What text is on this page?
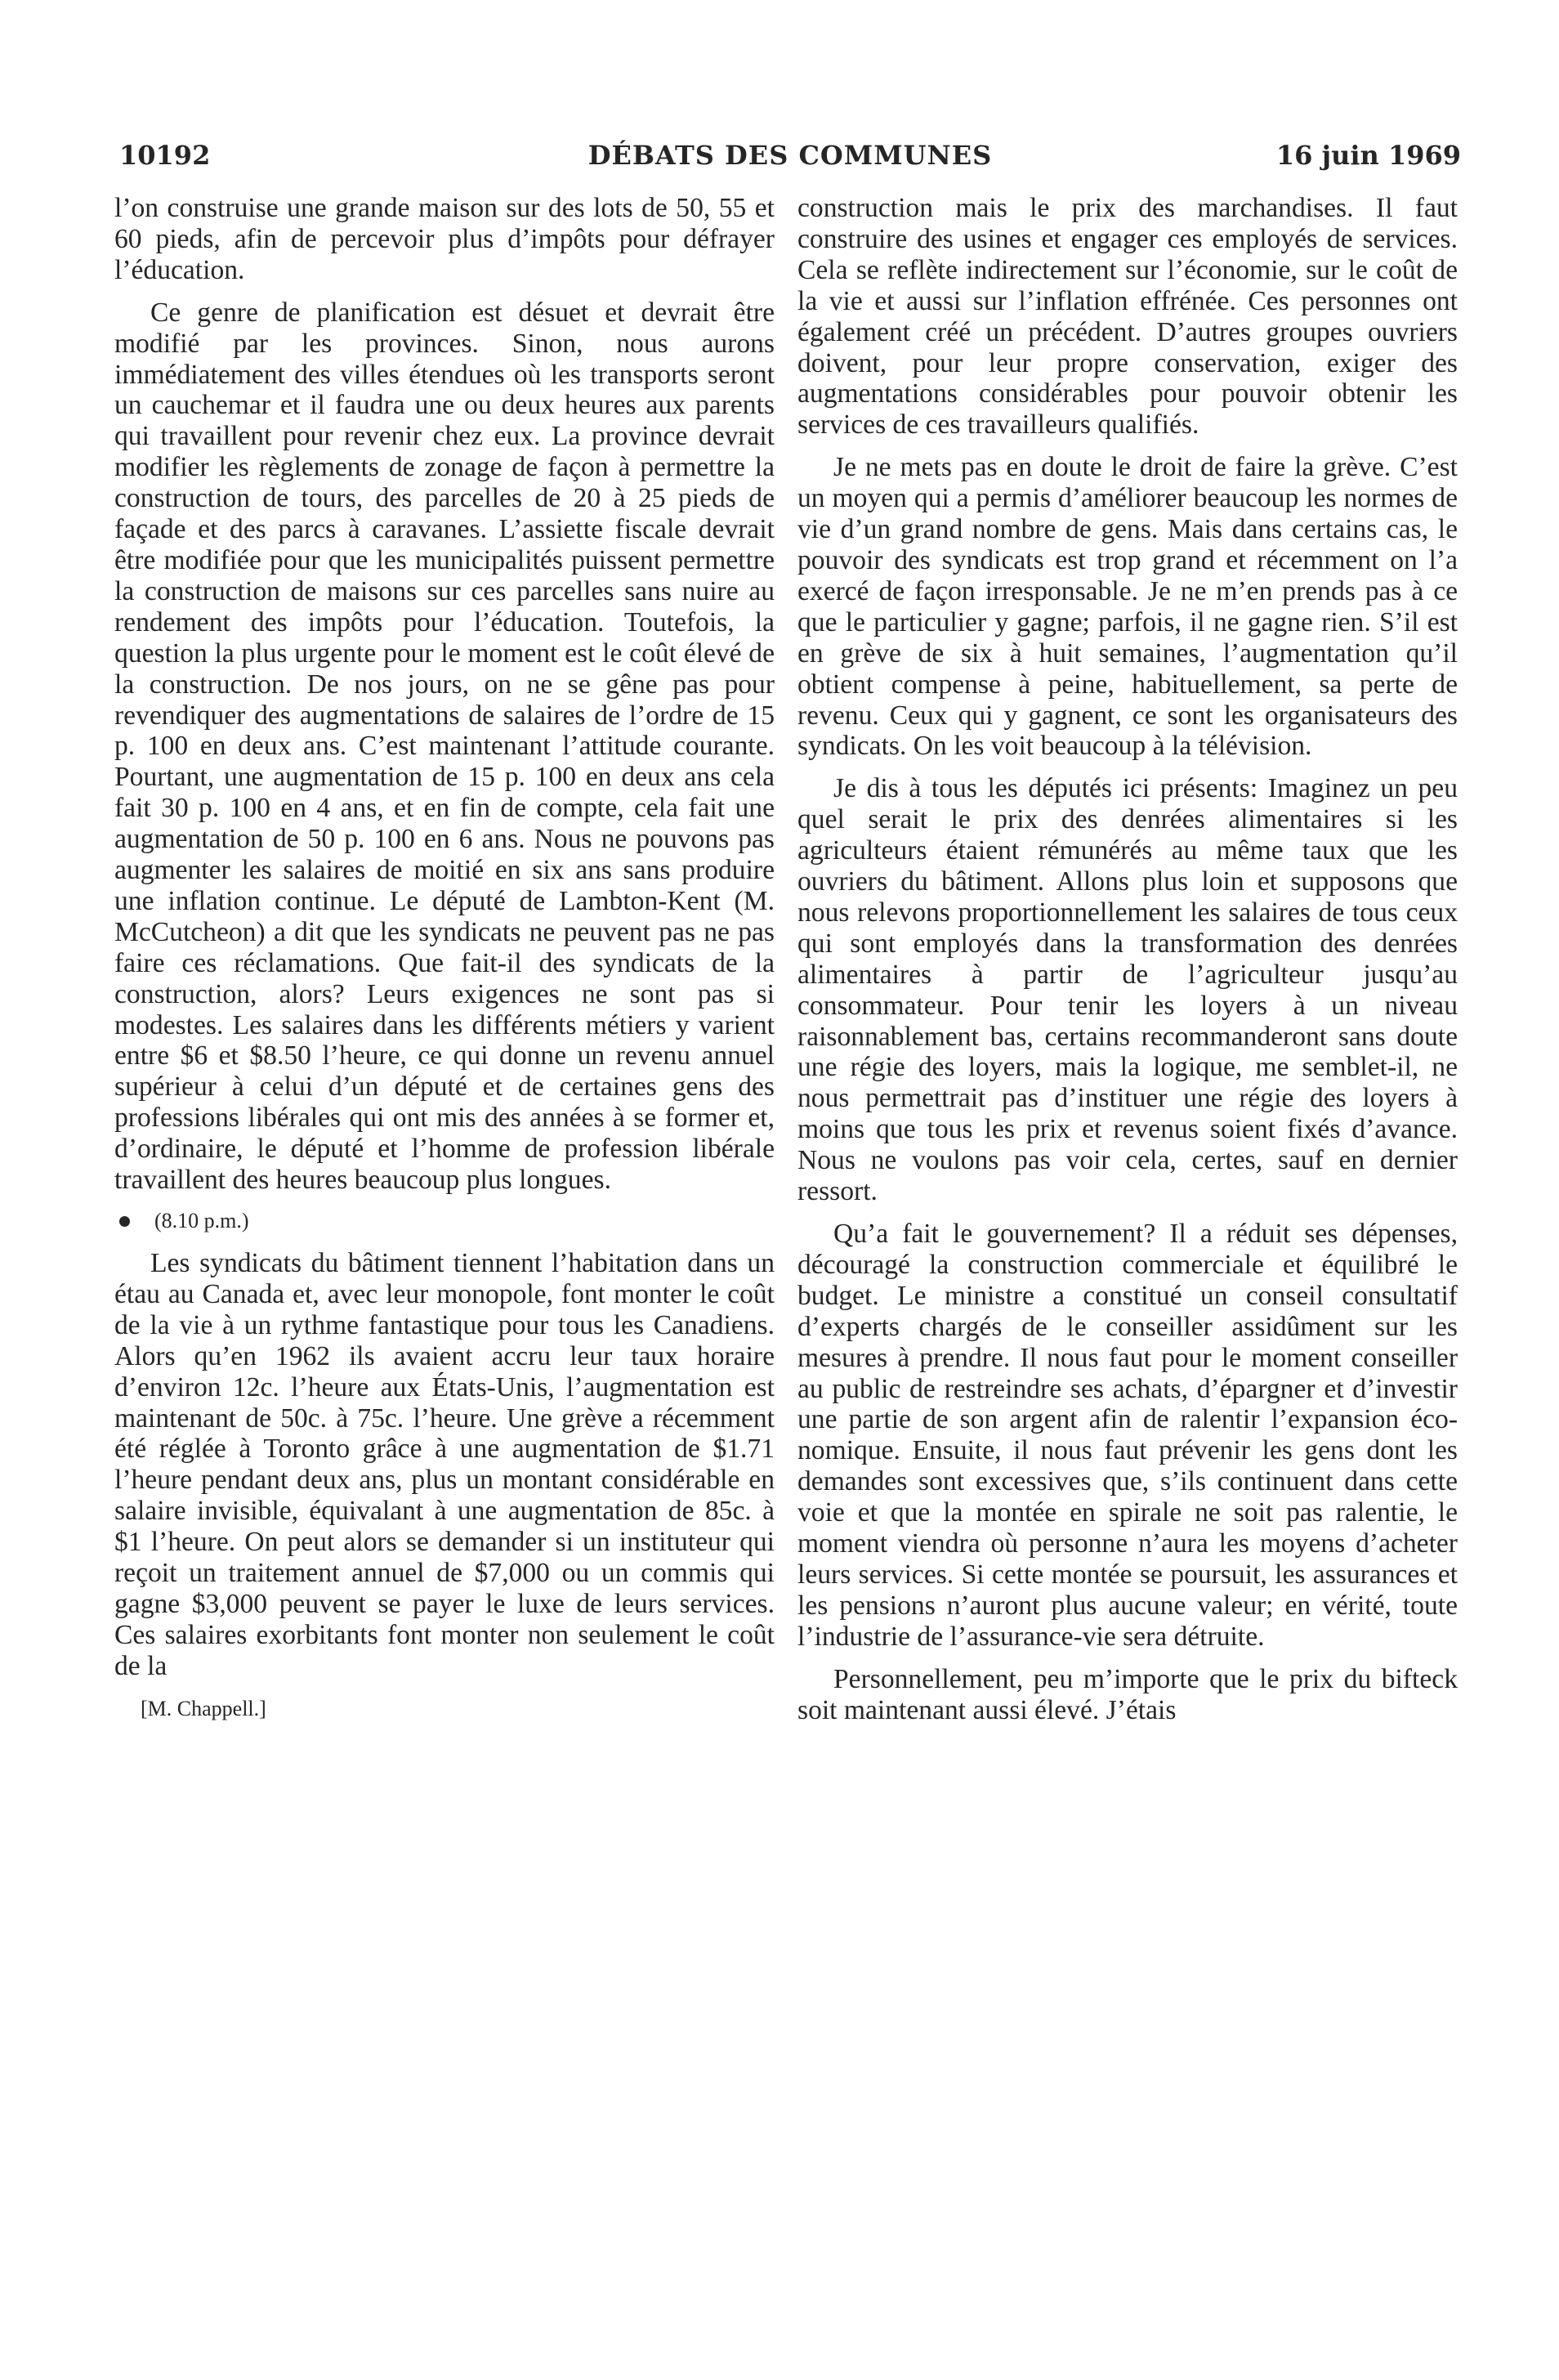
DÉBATS DES COMMUNES
10192	16 juin 1969

l’on construise une grande maison sur des lots de 50, 55 et 60 pieds, afin de percevoir plus d’impôts pour défrayer l’éducation.

Ce genre de planification est désuet et devrait être modifié par les provinces. Sinon, nous aurons immédiatement des villes étendues où les transports seront un cauchemar et il faudra une ou deux heures aux parents qui travaillent pour revenir chez eux. La province devrait modifier les règlements de zonage de façon à permettre la construction de tours, des parcelles de 20 à 25 pieds de façade et des parcs à caravanes. L’assiette fiscale devrait être modifiée pour que les municipalités puissent permettre la construction de maisons sur ces parcelles sans nuire au rendement des impôts pour l’éducation. Toutefois, la question la plus urgente pour le moment est le coût élevé de la construction. De nos jours, on ne se gêne pas pour revendiquer des augmentations de salaires de l’ordre de 15 p. 100 en deux ans. C’est maintenant l’attitude courante. Pourtant, une augmentation de 15 p. 100 en deux ans cela fait 30 p. 100 en 4 ans, et en fin de compte, cela fait une augmentation de 50 p. 100 en 6 ans. Nous ne pouvons pas augmenter les salaires de moitié en six ans sans produire une inflation continue. Le député de Lambton-Kent (M. McCutcheon) a dit que les syndicats ne peuvent pas ne pas faire ces réclamations. Que fait-il des syndicats de la construction, alors? Leurs exigences ne sont pas si modestes. Les salaires dans les différents métiers y varient entre $6 et $8.50 l’heure, ce qui donne un revenu annuel supérieur à celui d’un député et de certaines gens des professions libérales qui ont mis des années à se former et, d’ordinaire, le député et l’homme de profession libérale travaillent des heures beaucoup plus longues.

(8.10 p.m.)

Les syndicats du bâtiment tiennent l’habitation dans un étau au Canada et, avec leur monopole, font monter le coût de la vie à un rythme fantastique pour tous les Canadiens. Alors qu’en 1962 ils avaient accru leur taux horaire d’environ 12c. l’heure aux États-Unis, l’augmentation est maintenant de 50c. à 75c. l’heure. Une grève a récemment été réglée à Toronto grâce à une augmentation de $1.71 l’heure pendant deux ans, plus un montant considérable en salaire invisible, équivalant à une augmentation de 85c. à $1 l’heure. On peut alors se demander si un instituteur qui reçoit un traitement annuel de $7,000 ou un commis qui gagne $3,000 peuvent se payer le luxe de leurs services. Ces salaires exorbitants font monter non seulement le coût de la

[M. Chappell.]

construction mais le prix des marchandises. Il faut construire des usines et engager ces employés de services. Cela se reflète indirectement sur l’économie, sur le coût de la vie et aussi sur l’inflation effrénée. Ces personnes ont également créé un précédent. D’autres groupes ouvriers doivent, pour leur propre conservation, exiger des augmentations considérables pour pouvoir obtenir les services de ces travailleurs qualifiés.

Je ne mets pas en doute le droit de faire la grève. C’est un moyen qui a permis d’améliorer beaucoup les normes de vie d’un grand nombre de gens. Mais dans certains cas, le pouvoir des syndicats est trop grand et récemment on l’a exercé de façon irresponsable. Je ne m’en prends pas à ce que le particulier y gagne; parfois, il ne gagne rien. S’il est en grève de six à huit semaines, l’augmentation qu’il obtient compense à peine, habituellement, sa perte de revenu. Ceux qui y gagnent, ce sont les organisateurs des syndicats. On les voit beaucoup à la télévision.

Je dis à tous les députés ici présents: Imaginez un peu quel serait le prix des denrées alimentaires si les agriculteurs étaient rémunérés au même taux que les ouvriers du bâtiment. Allons plus loin et supposons que nous relevons proportionnellement les salaires de tous ceux qui sont employés dans la transformation des denrées alimentaires à partir de l’agriculteur jusqu’au consommateur. Pour tenir les loyers à un niveau raisonnablement bas, certains recommanderont sans doute une régie des loyers, mais la logique, me semblet-il, ne nous permettrait pas d’instituer une régie des loyers à moins que tous les prix et revenus soient fixés d’avance. Nous ne voulons pas voir cela, certes, sauf en dernier ressort.

Qu’a fait le gouvernement? Il a réduit ses dépenses, découragé la construction commerciale et équilibré le budget. Le ministre a constitué un conseil consultatif d’experts chargés de le conseiller assidûment sur les mesures à prendre. Il nous faut pour le moment conseiller au public de restreindre ses achats, d’épargner et d’investir une partie de son argent afin de ralentir l’expansion économique. Ensuite, il nous faut prévenir les gens dont les demandes sont excessives que, s’ils continuent dans cette voie et que la montée en spirale ne soit pas ralentie, le moment viendra où personne n’aura les moyens d’acheter leurs services. Si cette montée se poursuit, les assurances et les pensions n’auront plus aucune valeur; en vérité, toute l’industrie de l’assurance-vie sera détruite.

Personnellement, peu m’importe que le prix du bifteck soit maintenant aussi élevé. J’étais
